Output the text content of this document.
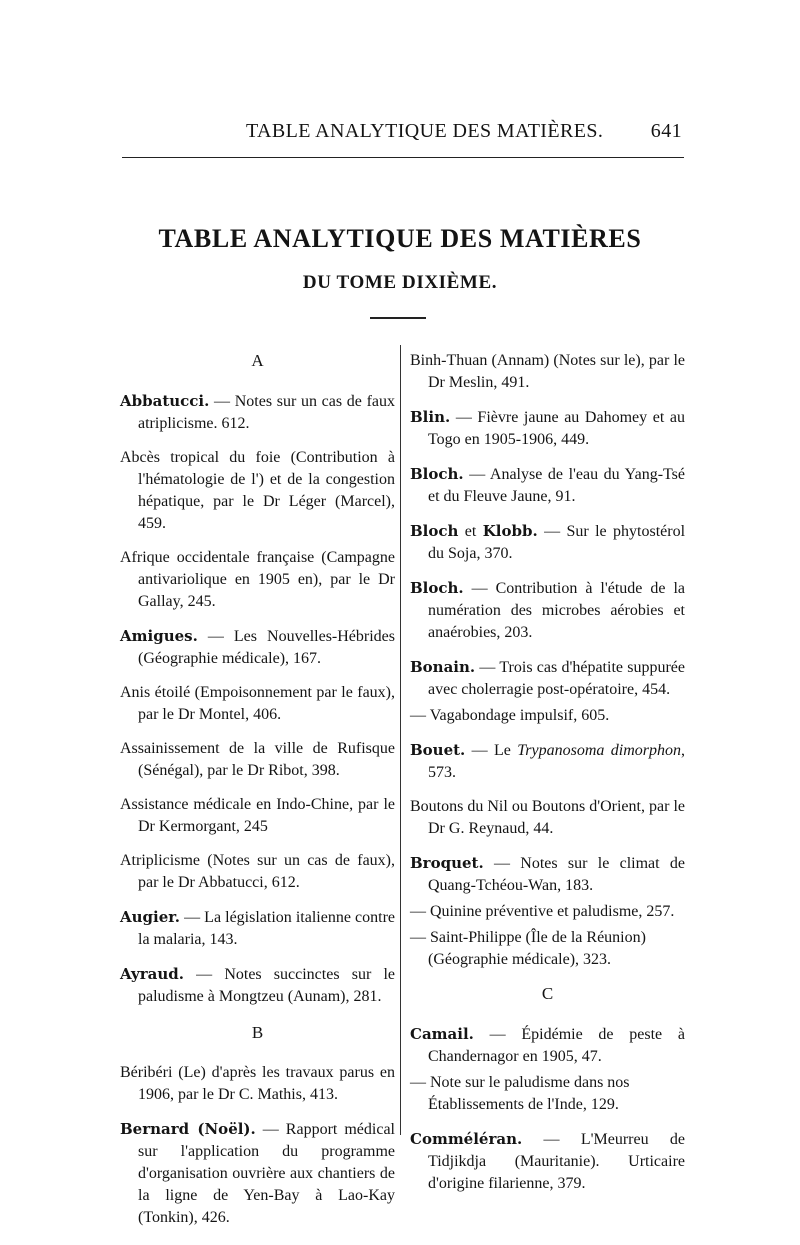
TABLE ANALYTIQUE DES MATIÈRES. 641
TABLE ANALYTIQUE DES MATIÈRES
DU TOME DIXIÈME.

A

Abbatucci. — Notes sur un cas de faux atriplicisme. 612.

Abcès tropical du foie (Contribution à l'hématologie de l') et de la congestion hépatique, par le Dr Léger (Marcel), 459.

Afrique occidentale française (Campagne antivariolique en 1905 en), par le Dr Gallay, 245.

Amigues. — Les Nouvelles-Hébrides (Géographie médicale), 167.

Anis étoilé (Empoisonnement par le faux), par le Dr Montel, 406.

Assainissement de la ville de Rufisque (Sénégal), par le Dr Ribot, 398.

Assistance médicale en Indo-Chine, par le Dr Kermorgant, 245

Atriplicisme (Notes sur un cas de faux), par le Dr Abbatucci, 612.

Augier. — La législation italienne contre la malaria, 143.

Ayraud. — Notes succinctes sur le paludisme à Mongtzeu (Aunam), 281.

B

Béribéri (Le) d'après les travaux parus en 1906, par le Dr C. Mathis, 413.

Bernard (Noël). — Rapport médical sur l'application du programme d'organisation ouvrière aux chantiers de la ligne de Yen-Bay à Lao-Kay (Tonkin), 426.

Binh-Thuan (Annam) (Notes sur le), par le Dr Meslin, 491.

Blin. — Fièvre jaune au Dahomey et au Togo en 1905-1906, 449.

Bloch. — Analyse de l'eau du Yang-Tsé et du Fleuve Jaune, 91.

Bloch et Klobb. — Sur le phytostérol du Soja, 370.

Bloch. — Contribution à l'étude de la numération des microbes aérobies et anaérobies, 203.

Bonain. — Trois cas d'hépatite suppurée avec cholerragie post-opératoire, 454.

— Vagabondage impulsif, 605.

Bouet. — Le Trypanosoma dimorphon, 573.

Boutons du Nil ou Boutons d'Orient, par le Dr G. Reynaud, 44.

Broquet. — Notes sur le climat de Quang-Tchéou-Wan, 183.

— Quinine préventive et paludisme, 257.

— Saint-Philippe (Île de la Réunion) (Géographie médicale), 323.

C

Camail. — Épidémie de peste à Chandernagor en 1905, 47.

— Note sur le paludisme dans nos Établissements de l'Inde, 129.

Comméléran. — L'Meurreu de Tidjikdja (Mauritanie). Urticaire d'origine filarienne, 379.
